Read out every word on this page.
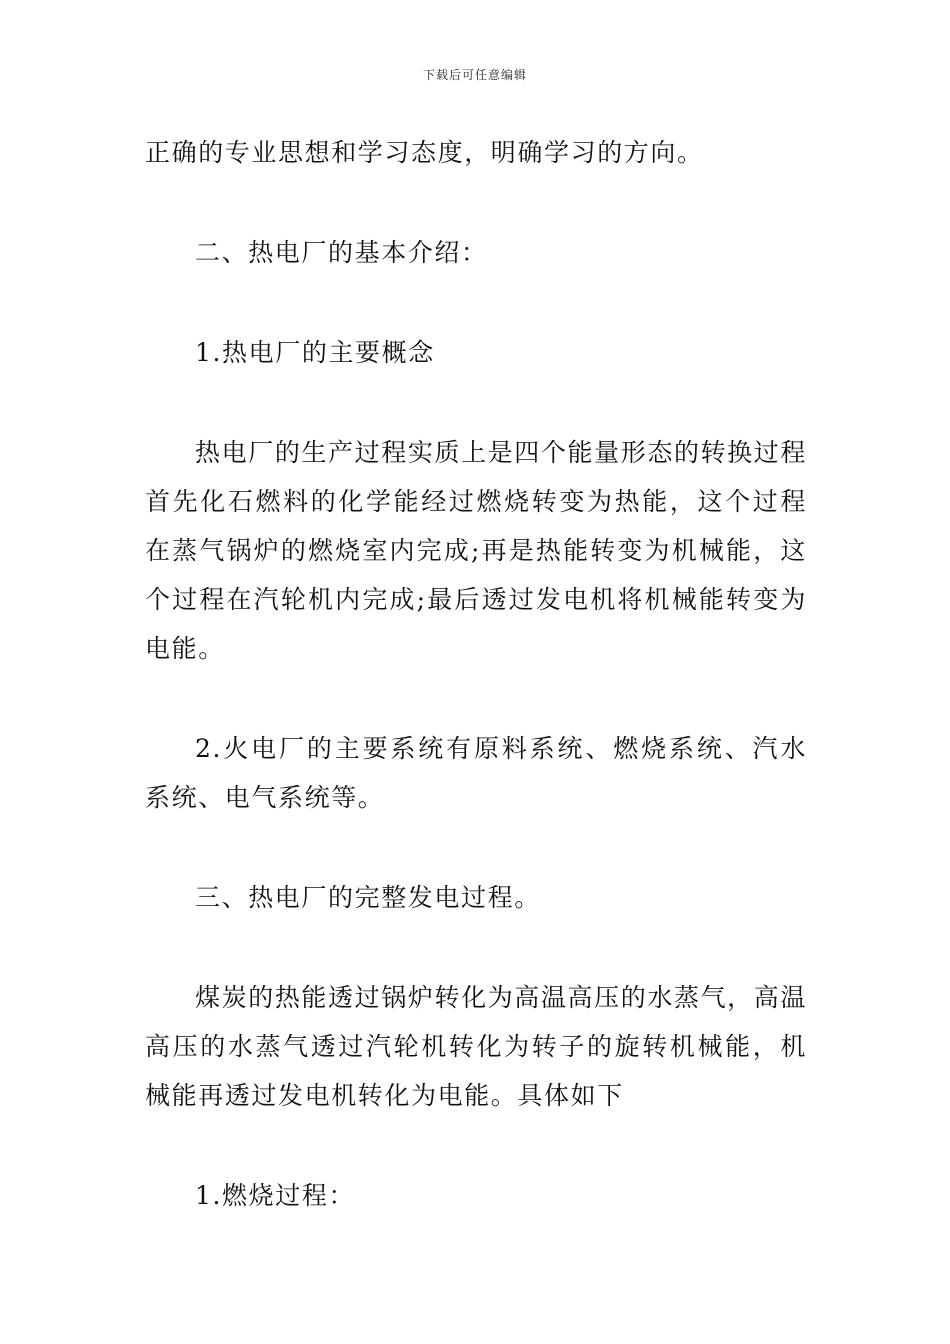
下载后可任意编辑

正确的专业思想和学习态度，明确学习的方向。

二、热电厂的基本介绍：

1.热电厂的主要概念

热电厂的生产过程实质上是四个能量形态的转换过程首先化石燃料的化学能经过燃烧转变为热能，这个过程在蒸气锅炉的燃烧室内完成;再是热能转变为机械能，这个过程在汽轮机内完成;最后透过发电机将机械能转变为电能。

2.火电厂的主要系统有原料系统、燃烧系统、汽水系统、电气系统等。

三、热电厂的完整发电过程。

煤炭的热能透过锅炉转化为高温高压的水蒸气，高温高压的水蒸气透过汽轮机转化为转子的旋转机械能，机械能再透过发电机转化为电能。具体如下

1.燃烧过程：
